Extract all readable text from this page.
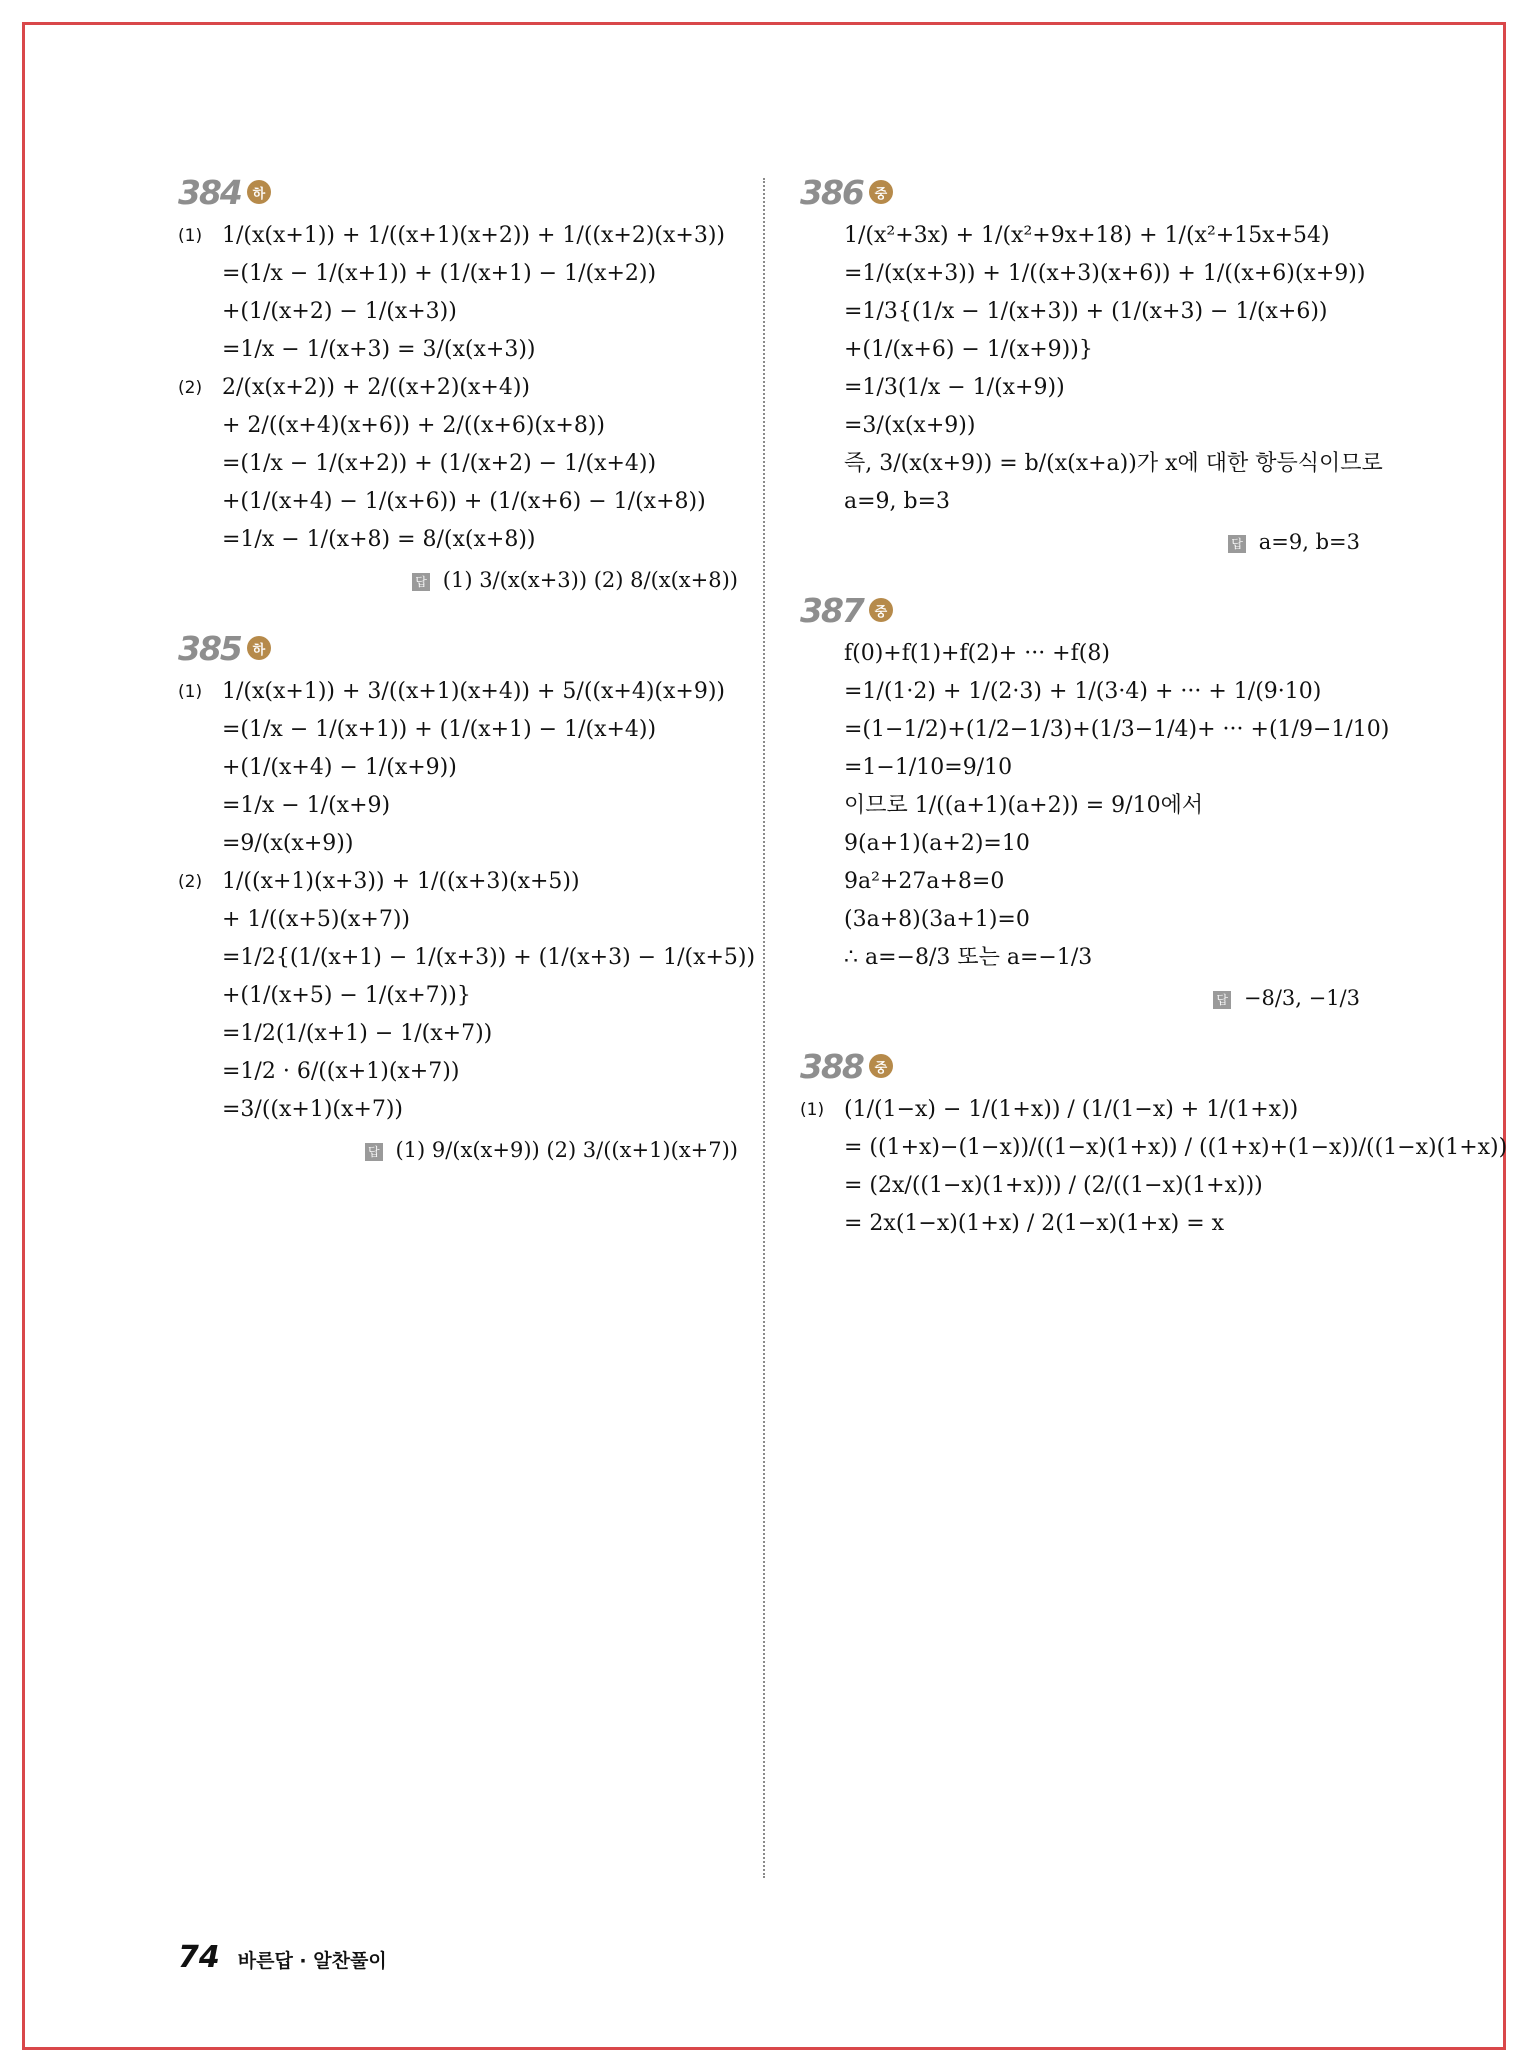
384 하
(1) 1/(x(x+1)) + 1/((x+1)(x+2)) + 1/((x+2)(x+3))
=(1/x − 1/(x+1)) + (1/(x+1) − 1/(x+2))
+(1/(x+2) − 1/(x+3))
=1/x − 1/(x+3) = 3/(x(x+3))
(2) 2/(x(x+2)) + 2/((x+2)(x+4))
+ 2/((x+4)(x+6)) + 2/((x+6)(x+8))
=(1/x − 1/(x+2)) + (1/(x+2) − 1/(x+4))
+(1/(x+4) − 1/(x+6)) + (1/(x+6) − 1/(x+8))
=1/x − 1/(x+8) = 8/(x(x+8))
답 (1) 3/(x(x+3)) (2) 8/(x(x+8))
385 하
(1) 1/(x(x+1)) + 3/((x+1)(x+4)) + 5/((x+4)(x+9))
=(1/x − 1/(x+1)) + (1/(x+1) − 1/(x+4))
+(1/(x+4) − 1/(x+9))
=1/x − 1/(x+9)
=9/(x(x+9))
(2) 1/((x+1)(x+3)) + 1/((x+3)(x+5))
+ 1/((x+5)(x+7))
=1/2{(1/(x+1) − 1/(x+3)) + (1/(x+3) − 1/(x+5))
+(1/(x+5) − 1/(x+7))}
=1/2(1/(x+1) − 1/(x+7))
=1/2 · 6/((x+1)(x+7))
=3/((x+1)(x+7))
답 (1) 9/(x(x+9)) (2) 3/((x+1)(x+7))
386 중
1/(x²+3x) + 1/(x²+9x+18) + 1/(x²+15x+54)
=1/(x(x+3)) + 1/((x+3)(x+6)) + 1/((x+6)(x+9))
=1/3{(1/x − 1/(x+3)) + (1/(x+3) − 1/(x+6))
+(1/(x+6) − 1/(x+9))}
=1/3(1/x − 1/(x+9))
=3/(x(x+9))
즉, 3/(x(x+9)) = b/(x(x+a))가 x에 대한 항등식이므로
a=9, b=3
답 a=9, b=3
387 중
f(0)+f(1)+f(2)+ ··· +f(8)
=1/(1·2) + 1/(2·3) + 1/(3·4) + ··· + 1/(9·10)
=(1−1/2)+(1/2−1/3)+(1/3−1/4)+ ··· +(1/9−1/10)
=1−1/10=9/10
이므로 1/((a+1)(a+2)) = 9/10에서
9(a+1)(a+2)=10
9a²+27a+8=0
(3a+8)(3a+1)=0
∴ a=−8/3 또는 a=−1/3
답 −8/3, −1/3
388 중
(1) (1/(1−x) − 1/(1+x)) / (1/(1−x) + 1/(1+x))
= ((1+x)−(1−x))/((1−x)(1+x)) / ((1+x)+(1−x))/((1−x)(1+x))
= (2x/((1−x)(1+x))) / (2/((1−x)(1+x)))
= 2x(1−x)(1+x) / 2(1−x)(1+x) = x
74 바른답 · 알찬풀이
